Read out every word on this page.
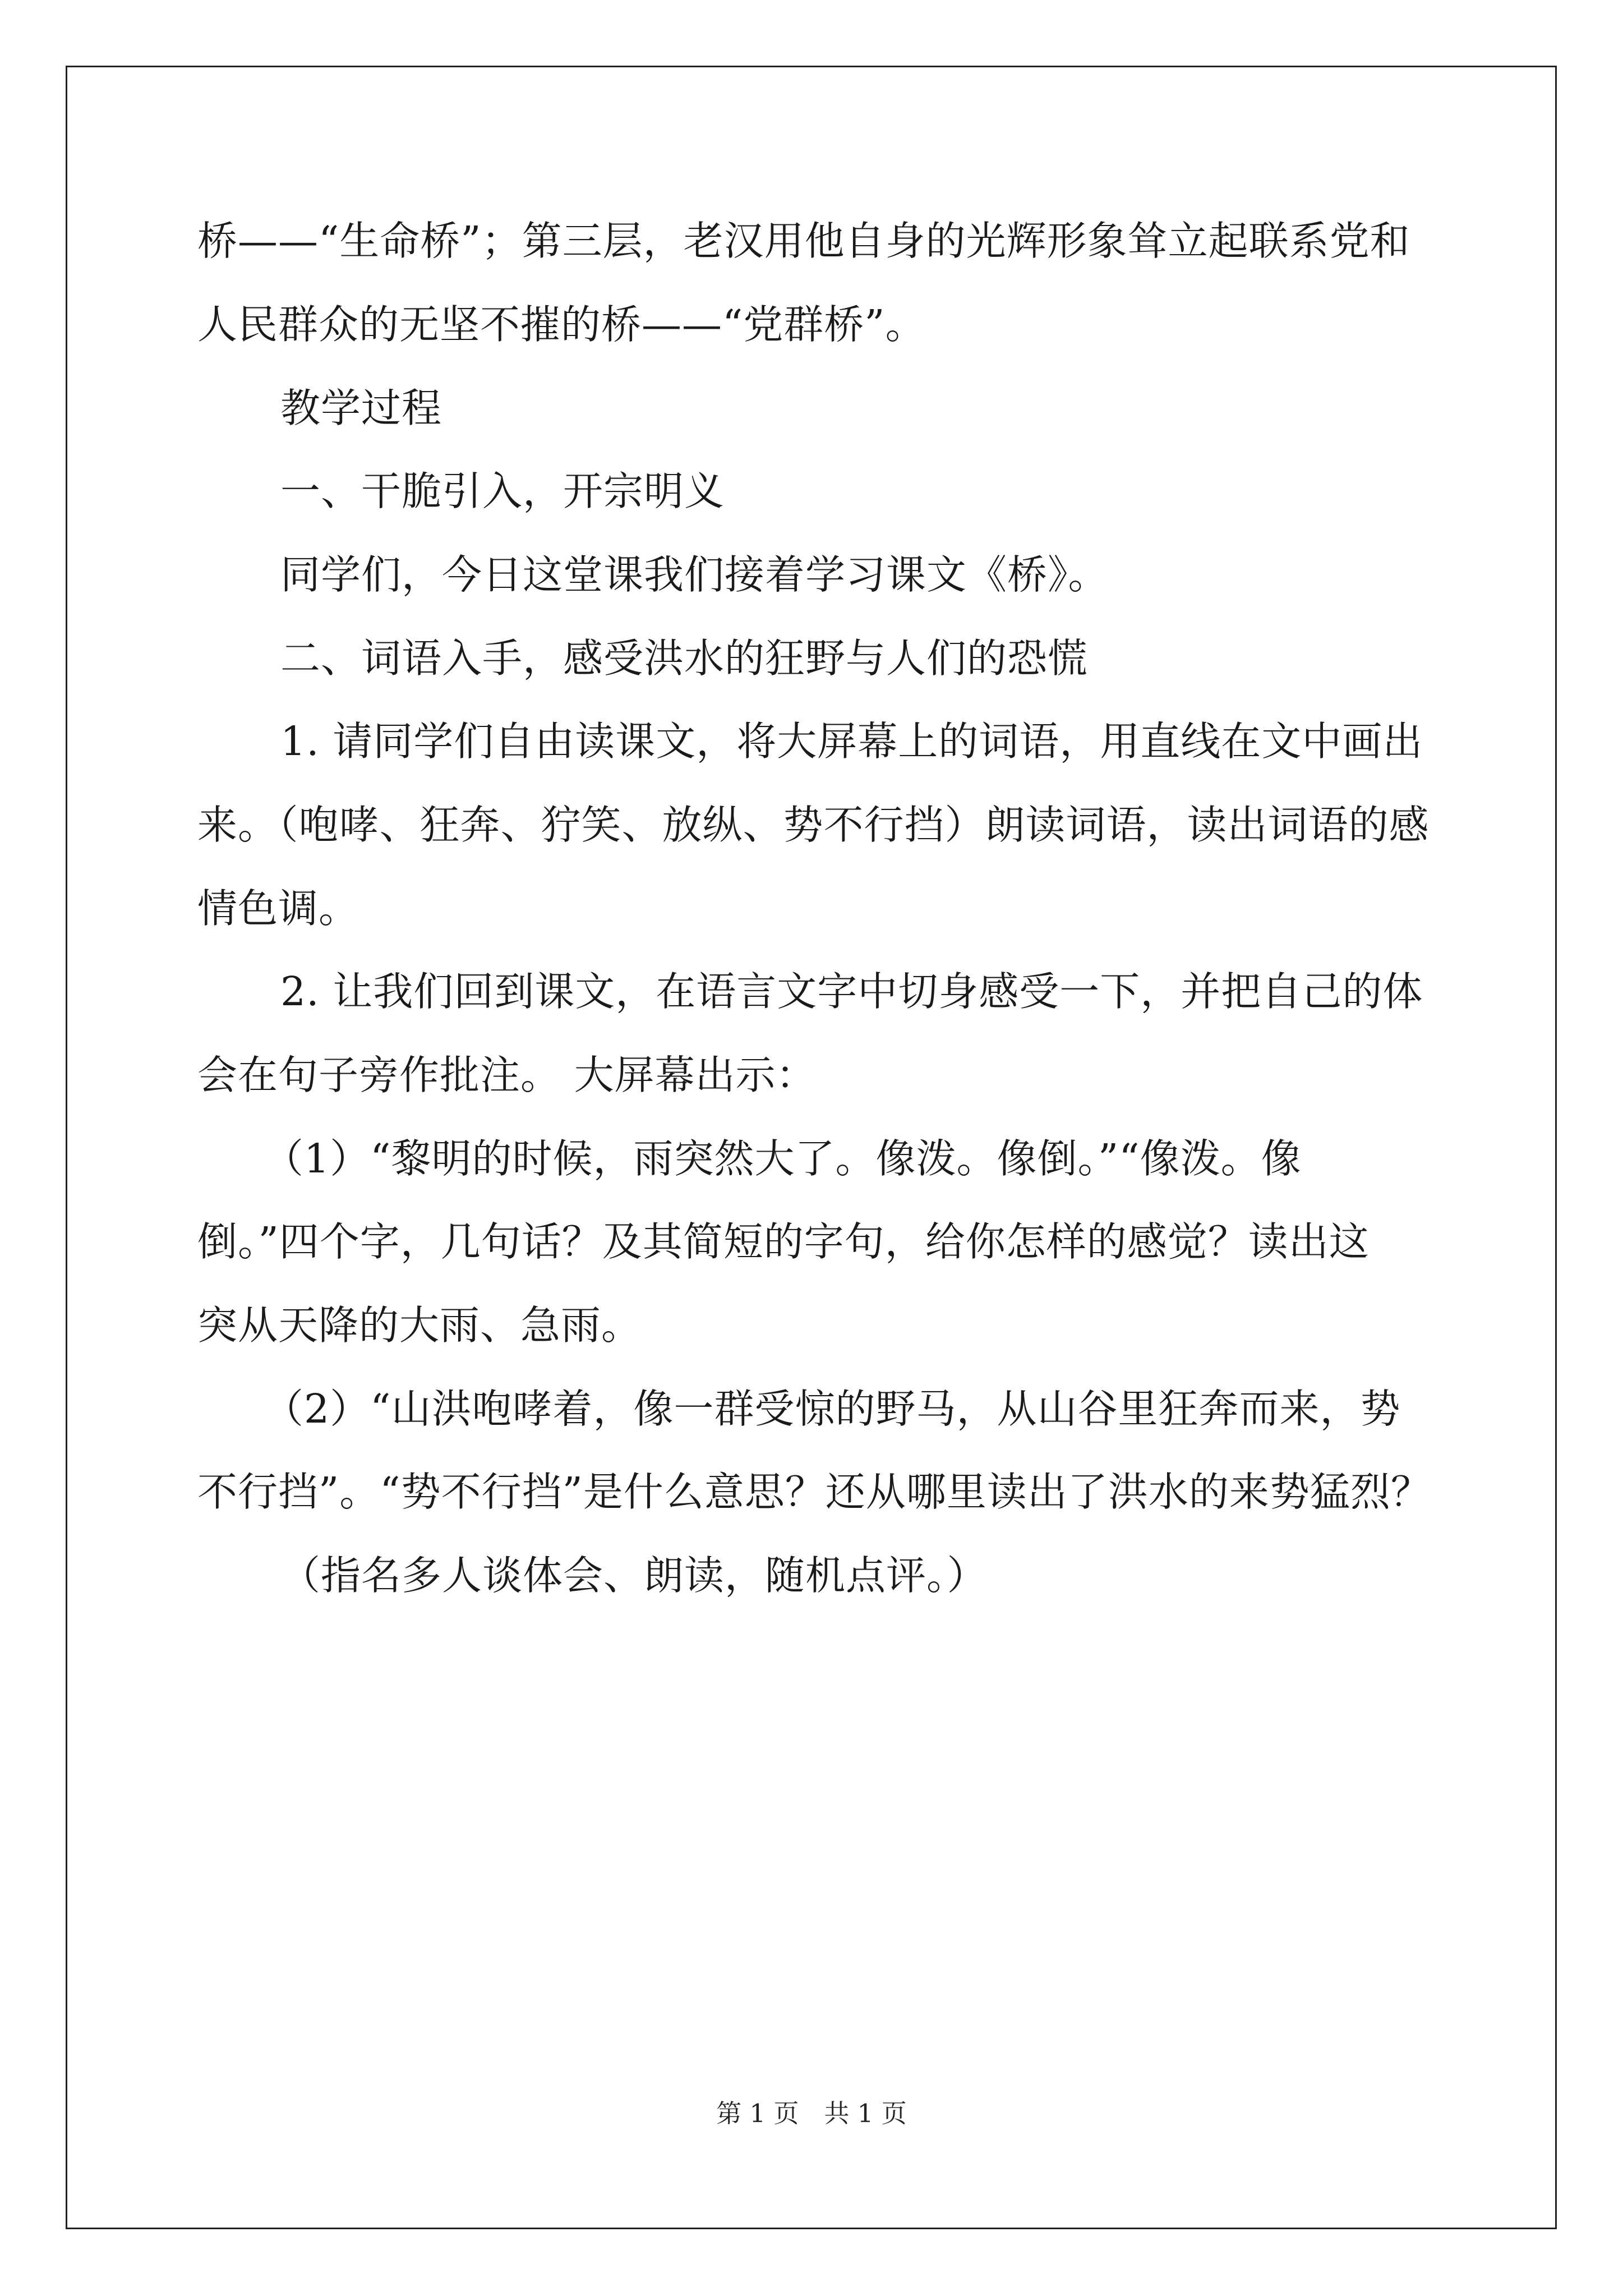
桥——“生命桥”；第三层，老汉用他自身的光辉形象耸立起联系党和

人民群众的无坚不摧的桥——“党群桥”。

教学过程

一、干脆引入，开宗明义

同学们，今日这堂课我们接着学习课文《桥》。

二、词语入手，感受洪水的狂野与人们的恐慌

1. 请同学们自由读课文，将大屏幕上的词语，用直线在文中画出

来。（咆哮、狂奔、狞笑、放纵、势不行挡）朗读词语，读出词语的感

情色调。

2. 让我们回到课文，在语言文字中切身感受一下，并把自己的体

会在句子旁作批注。 大屏幕出示：

（1）“黎明的时候，雨突然大了。像泼。像倒。”“像泼。像

倒。”四个字，几句话？及其简短的字句，给你怎样的感觉？读出这

突从天降的大雨、急雨。

（2）“山洪咆哮着，像一群受惊的野马，从山谷里狂奔而来，势

不行挡”。“势不行挡”是什么意思？还从哪里读出了洪水的来势猛烈？

（指名多人谈体会、朗读，随机点评。）

第 1 页　共 1 页
